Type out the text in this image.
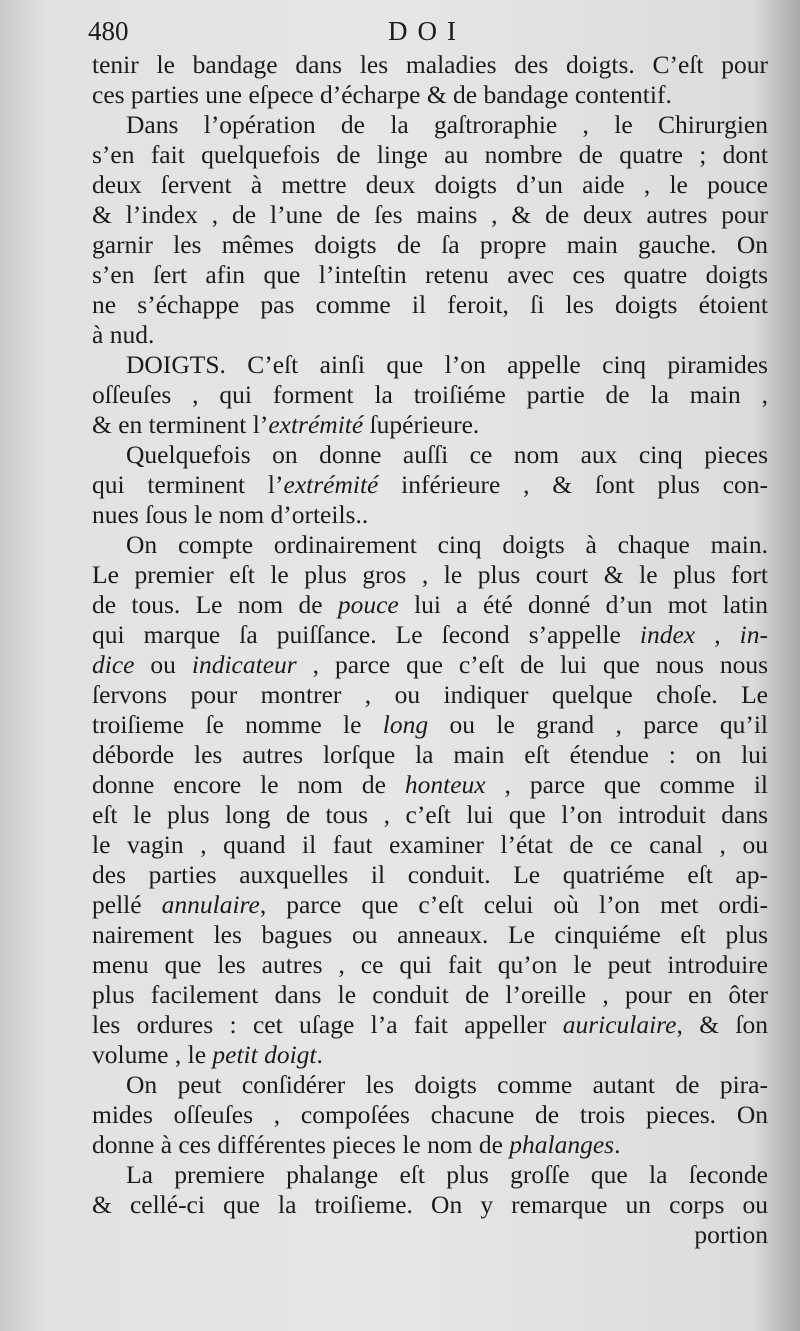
480	DOI
tenir le bandage dans les maladies des doigts. C’eſt pour
ces parties une eſpece d’écharpe & de bandage contentif.
Dans l’opération de la gaſtroraphie , le Chirurgien
s’en fait quelquefois de linge au nombre de quatre ; dont
deux ſervent à mettre deux doigts d’un aide , le pouce
& l’index , de l’une de ſes mains , & de deux autres pour
garnir les mêmes doigts de ſa propre main gauche. On
s’en ſert afin que l’inteſtin retenu avec ces quatre doigts
ne s’échappe pas comme il feroit, ſi les doigts étoient
à nud.
DOIGTS. C’eſt ainſi que l’on appelle cinq piramides
oſſeuſes , qui forment la troiſiéme partie de la main ,
& en terminent l’extrémité ſupérieure.
Quelquefois on donne auſſi ce nom aux cinq pieces
qui terminent l’extrémité inférieure , & ſont plus con-
nues ſous le nom d’orteils..
On compte ordinairement cinq doigts à chaque main.
Le premier eſt le plus gros , le plus court & le plus fort
de tous. Le nom de pouce lui a été donné d’un mot latin
qui marque ſa puiſſance. Le ſecond s’appelle index , in-
dice ou indicateur , parce que c’eſt de lui que nous nous
ſervons pour montrer , ou indiquer quelque choſe. Le
troiſieme ſe nomme le long ou le grand , parce qu’il
déborde les autres lorſque la main eſt étendue : on lui
donne encore le nom de honteux , parce que comme il
eſt le plus long de tous , c’eſt lui que l’on introduit dans
le vagin , quand il faut examiner l’état de ce canal , ou
des parties auxquelles il conduit. Le quatriéme eſt ap-
pellé annulaire, parce que c’eſt celui où l’on met ordi-
nairement les bagues ou anneaux. Le cinquiéme eſt plus
menu que les autres , ce qui fait qu’on le peut introduire
plus facilement dans le conduit de l’oreille , pour en ôter
les ordures : cet uſage l’a fait appeller auriculaire, & ſon
volume , le petit doigt.
On peut conſidérer les doigts comme autant de pira-
mides oſſeuſes , compoſées chacune de trois pieces. On
donne à ces différentes pieces le nom de phalanges.
La premiere phalange eſt plus groſſe que la ſeconde
& cellé-ci que la troiſieme. On y remarque un corps ou
portion
